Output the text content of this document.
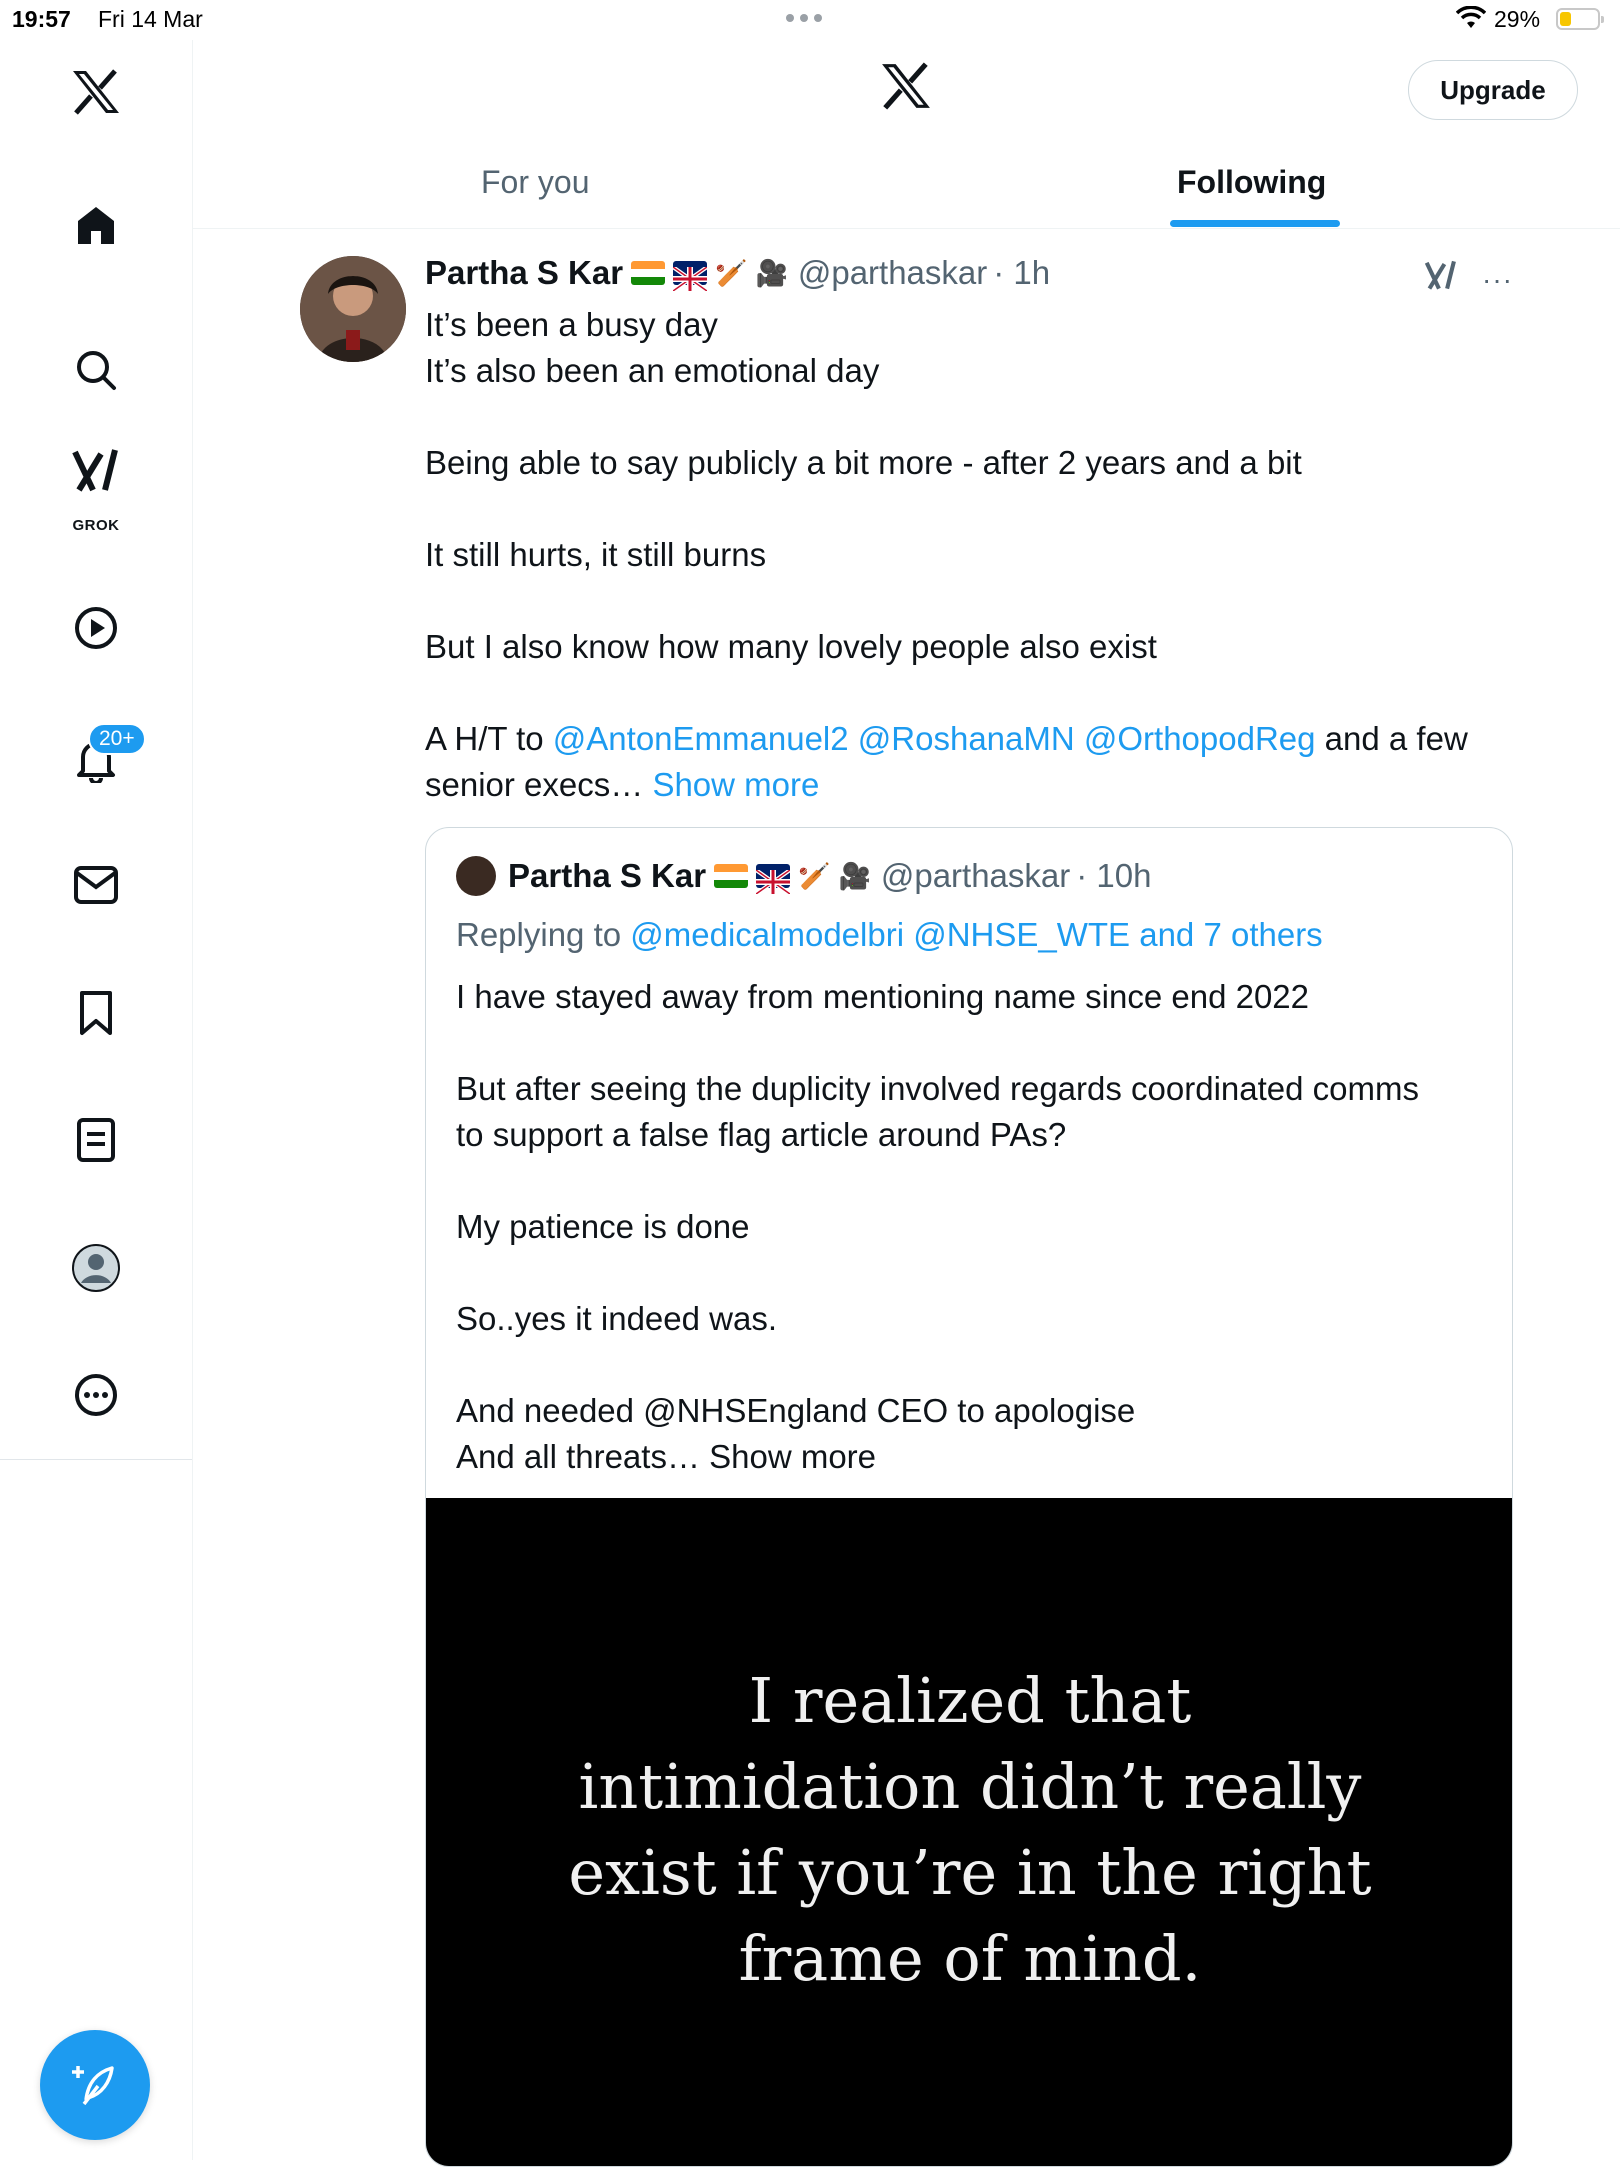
19:57 Fri 14 Mar	29%
GROK
20+
Upgrade
For you	Following
Partha S Kar	🏏 🎥 @parthaskar · 1h	···

It’s been a busy day

It’s also been an emotional day

Being able to say publicly a bit more - after 2 years and a bit

It still hurts, it still burns

But I also know how many lovely people also exist

A H/T to @AntonEmmanuel2 @RoshanaMN @OrthopodReg and a few

senior execs… Show more

Partha S Kar	🏏 🎥 @parthaskar · 10h
Replying to @medicalmodelbri @NHSE_WTE and 7 others

I have stayed away from mentioning name since end 2022

But after seeing the duplicity involved regards coordinated comms

to support a false flag article around PAs?

My patience is done

So..yes it indeed was.

And needed @NHSEngland CEO to apologise

And all threats… Show more

I realized that
intimidation didn’t really
exist if you’re in the right
frame of mind.
